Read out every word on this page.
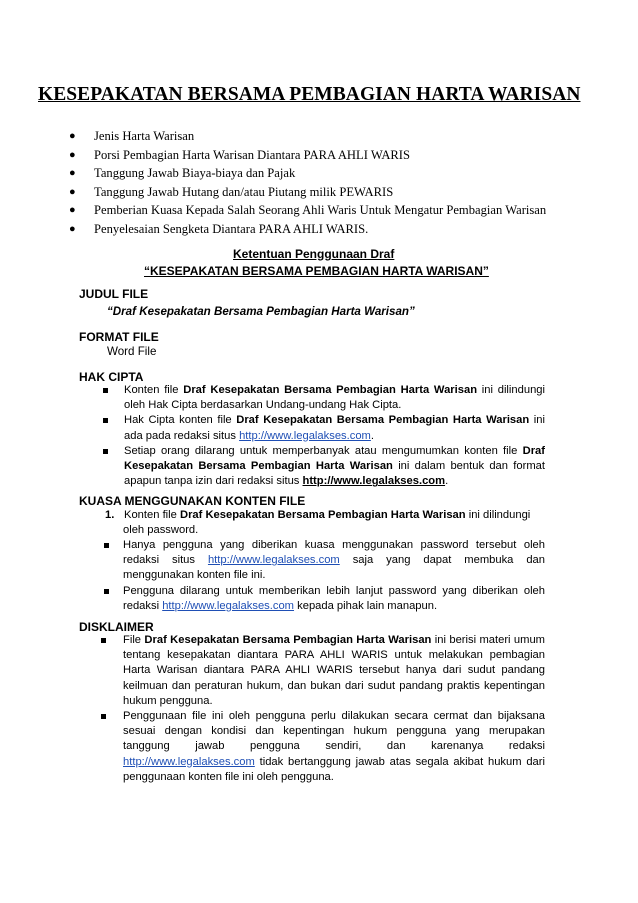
KESEPAKATAN BERSAMA PEMBAGIAN HARTA WARISAN
● Jenis Harta Warisan
● Porsi Pembagian Harta Warisan Diantara PARA AHLI WARIS
● Tanggung Jawab Biaya-biaya dan Pajak
● Tanggung Jawab Hutang dan/atau Piutang milik PEWARIS
● Pemberian Kuasa Kepada Salah Seorang Ahli Waris Untuk Mengatur Pembagian Warisan
● Penyelesaian Sengketa Diantara PARA AHLI WARIS.
Ketentuan Penggunaan Draf
“KESEPAKATAN BERSAMA PEMBAGIAN HARTA WARISAN”
JUDUL FILE
“Draf Kesepakatan Bersama Pembagian Harta Warisan”
FORMAT FILE
Word File
HAK CIPTA
Konten file Draf Kesepakatan Bersama Pembagian Harta Warisan ini dilindungi oleh Hak Cipta berdasarkan Undang-undang Hak Cipta.
Hak Cipta konten file Draf Kesepakatan Bersama Pembagian Harta Warisan ini ada pada redaksi situs http://www.legalakses.com.
Setiap orang dilarang untuk memperbanyak atau mengumumkan konten file Draf Kesepakatan Bersama Pembagian Harta Warisan ini dalam bentuk dan format apapun tanpa izin dari redaksi situs http://www.legalakses.com.
KUASA MENGGUNAKAN KONTEN FILE
1. Konten file Draf Kesepakatan Bersama Pembagian Harta Warisan ini dilindungi
oleh password.
Hanya pengguna yang diberikan kuasa menggunakan password tersebut oleh redaksi situs http://www.legalakses.com saja yang dapat membuka dan menggunakan konten file ini.
Pengguna dilarang untuk memberikan lebih lanjut password yang diberikan oleh redaksi http://www.legalakses.com kepada pihak lain manapun.
DISKLAIMER
File Draf Kesepakatan Bersama Pembagian Harta Warisan ini berisi materi umum tentang kesepakatan diantara PARA AHLI WARIS untuk melakukan pembagian Harta Warisan diantara PARA AHLI WARIS tersebut hanya dari sudut pandang keilmuan dan peraturan hukum, dan bukan dari sudut pandang praktis kepentingan hukum pengguna.
Penggunaan file ini oleh pengguna perlu dilakukan secara cermat dan bijaksana sesuai dengan kondisi dan kepentingan hukum pengguna yang merupakan tanggung jawab pengguna sendiri, dan karenanya redaksi http://www.legalakses.com tidak bertanggung jawab atas segala akibat hukum dari penggunaan konten file ini oleh pengguna.
